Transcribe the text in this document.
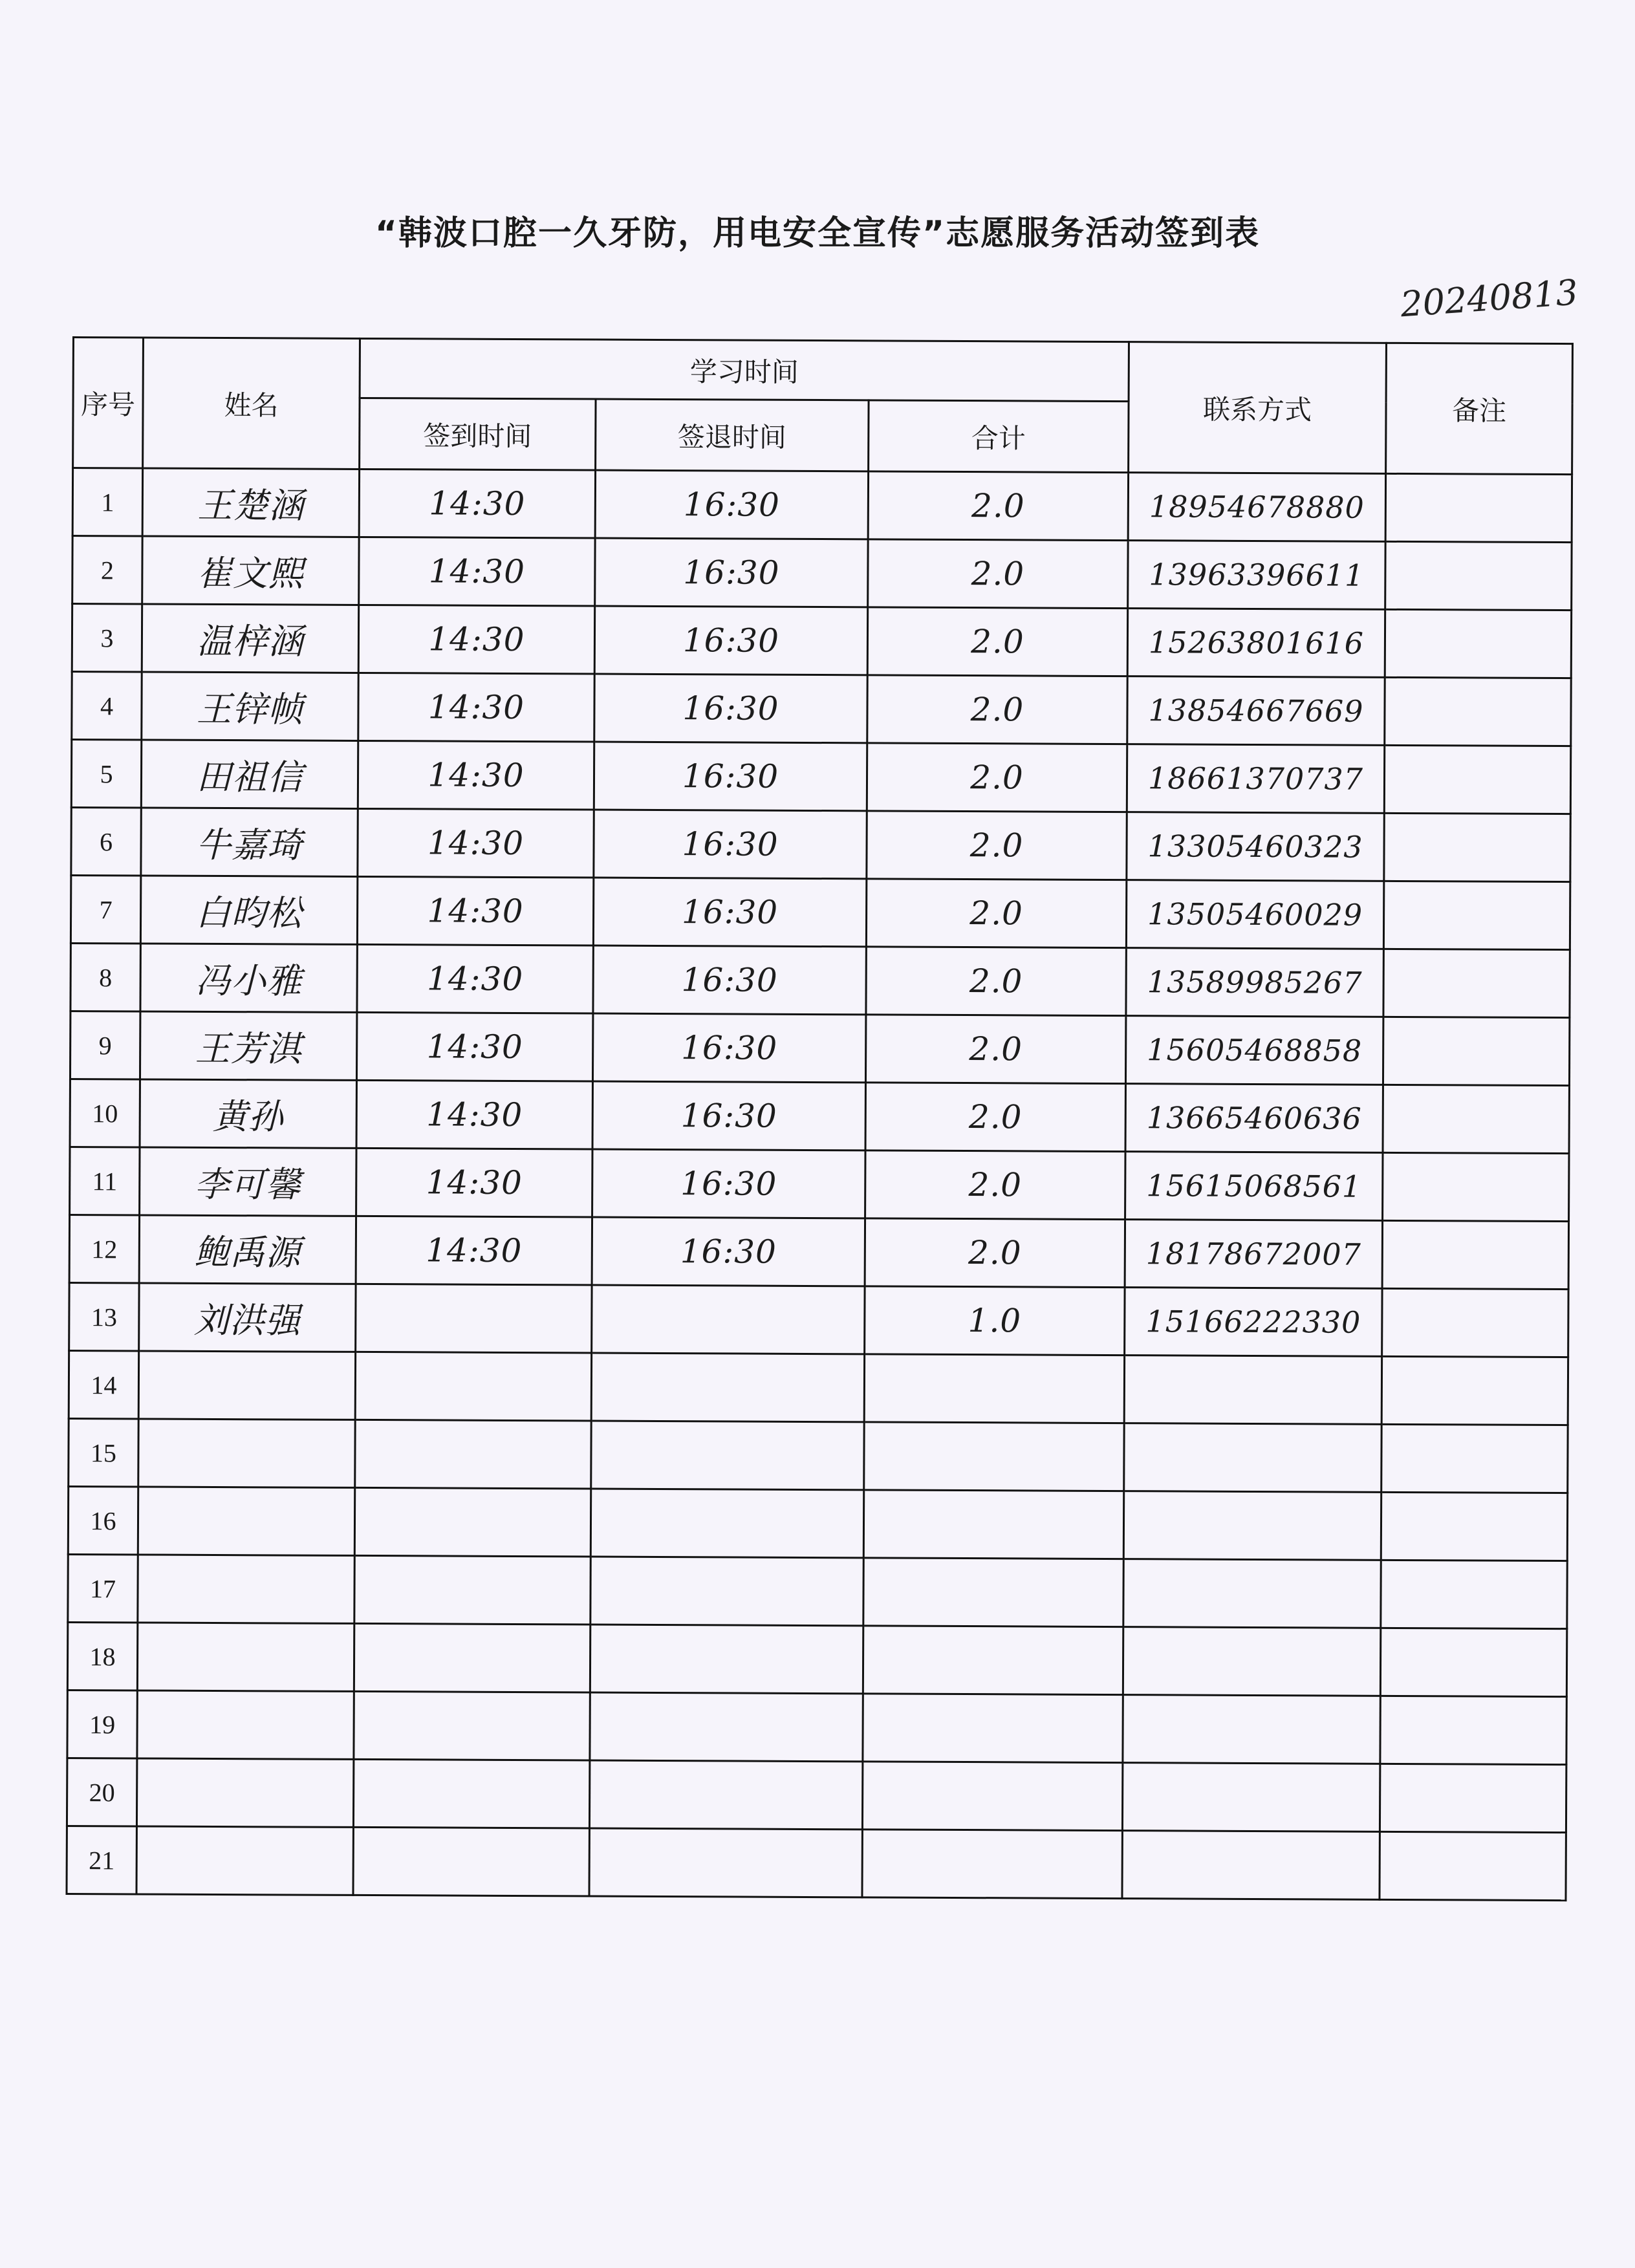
“韩波口腔一久牙防，用电安全宣传”志愿服务活动签到表
20240813
序号	姓名	学习时间			联系方式	备注
		签到时间	签退时间	合计		
1	王楚涵	14:30	16:30	2.0	18954678880	
2	崔文熙	14:30	16:30	2.0	13963396611	
3	温梓涵	14:30	16:30	2.0	15263801616	
4	王锌帧	14:30	16:30	2.0	13854667669	
5	田祖信	14:30	16:30	2.0	18661370737	
6	牛嘉琦	14:30	16:30	2.0	13305460323	
7	白昀松	14:30	16:30	2.0	13505460029	
8	冯小雅	14:30	16:30	2.0	13589985267	
9	王芳淇	14:30	16:30	2.0	15605468858	
10	黄孙	14:30	16:30	2.0	13665460636	
11	李可馨	14:30	16:30	2.0	15615068561	
12	鲍禹源	14:30	16:30	2.0	18178672007	
13	刘洪强			1.0	15166222330	
14						
15						
16						
17						
18						
19						
20						
21						
